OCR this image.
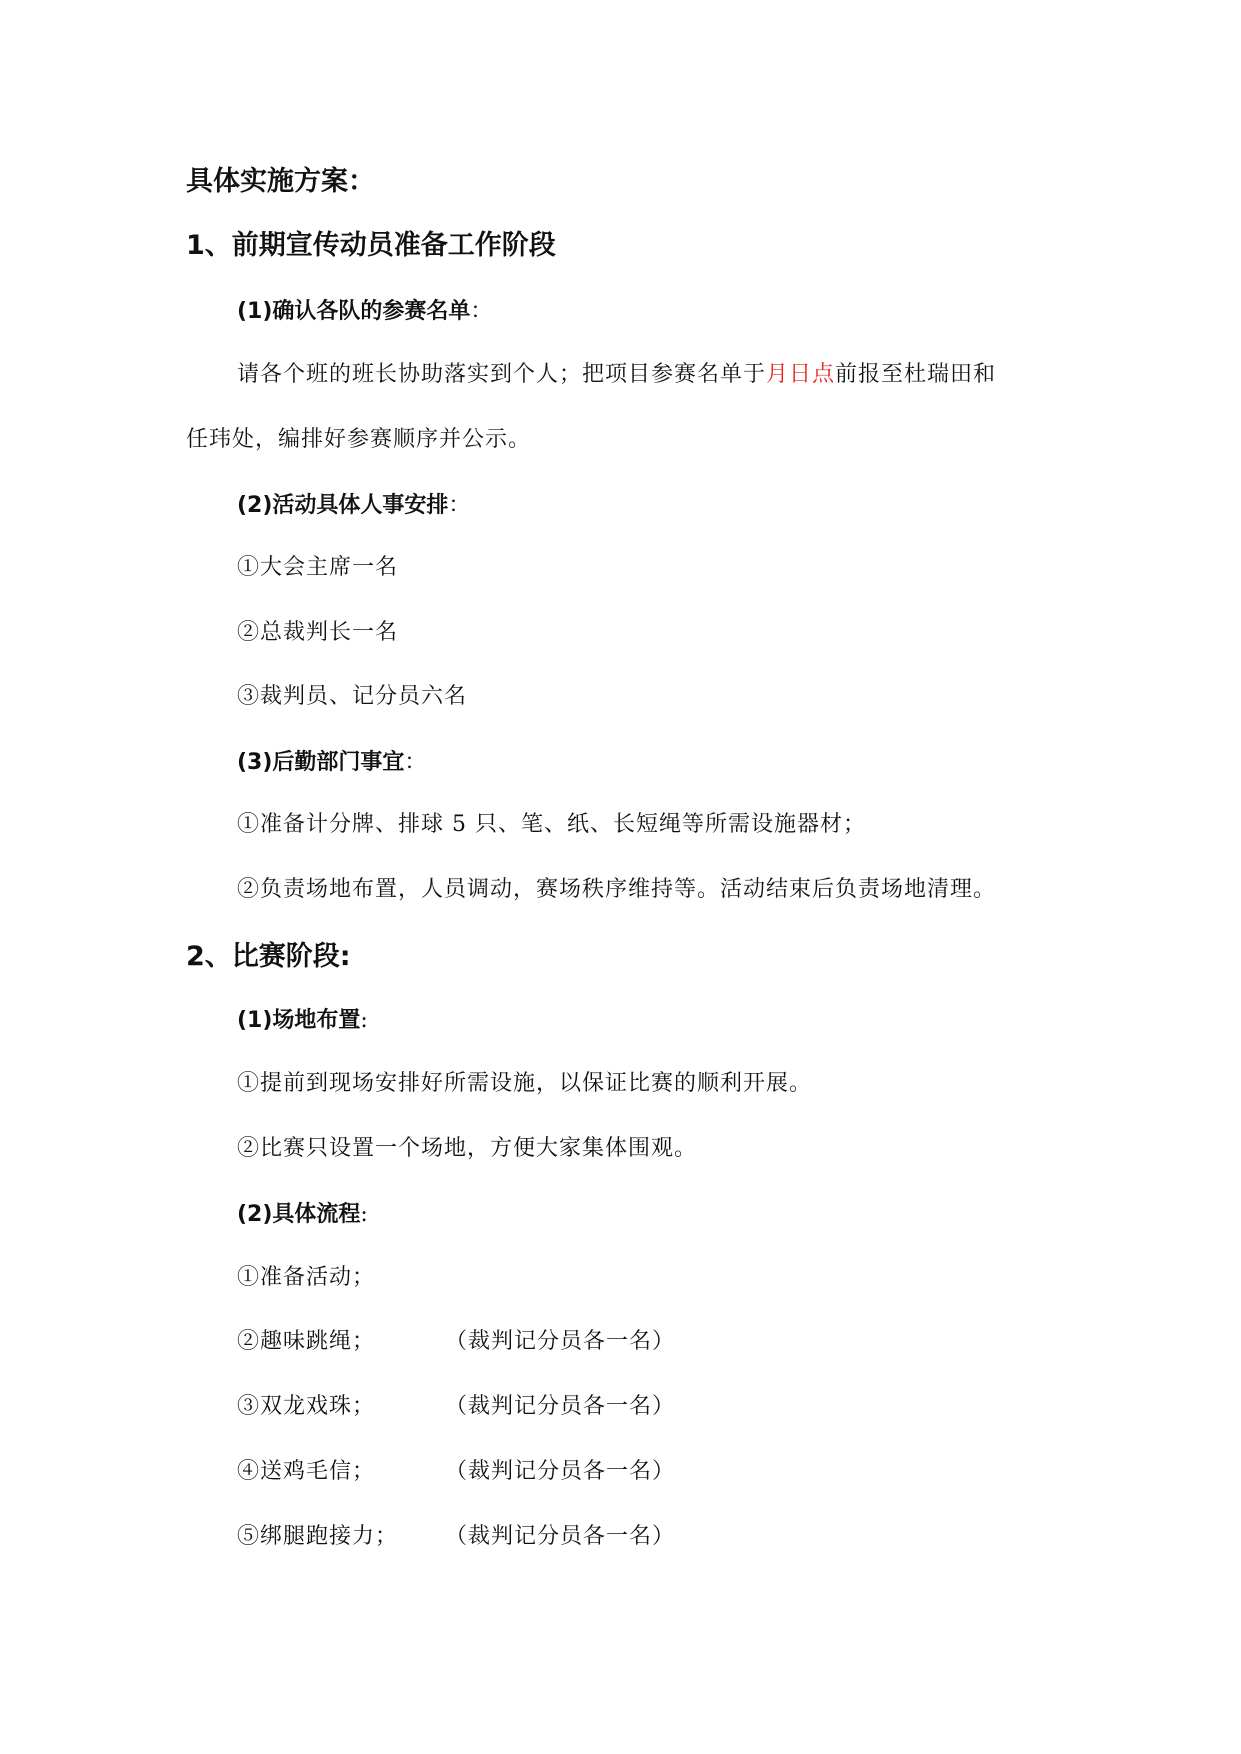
具体实施方案：
1、前期宣传动员准备工作阶段
(1)确认各队的参赛名单：
请各个班的班长协助落实到个人；把项目参赛名单于月日点前报至杜瑞田和
任玮处，编排好参赛顺序并公示。
(2)活动具体人事安排：
①大会主席一名
②总裁判长一名
③裁判员、记分员六名
(3)后勤部门事宜：
①准备计分牌、排球 5 只、笔、纸、长短绳等所需设施器材；
②负责场地布置，人员调动，赛场秩序维持等。活动结束后负责场地清理。
2、比赛阶段:
(1)场地布置:
①提前到现场安排好所需设施，以保证比赛的顺利开展。
②比赛只设置一个场地，方便大家集体围观。
(2)具体流程:
①准备活动；
②趣味跳绳；	（裁判记分员各一名）
③双龙戏珠；	（裁判记分员各一名）
④送鸡毛信；	（裁判记分员各一名）
⑤绑腿跑接力； （裁判记分员各一名）
